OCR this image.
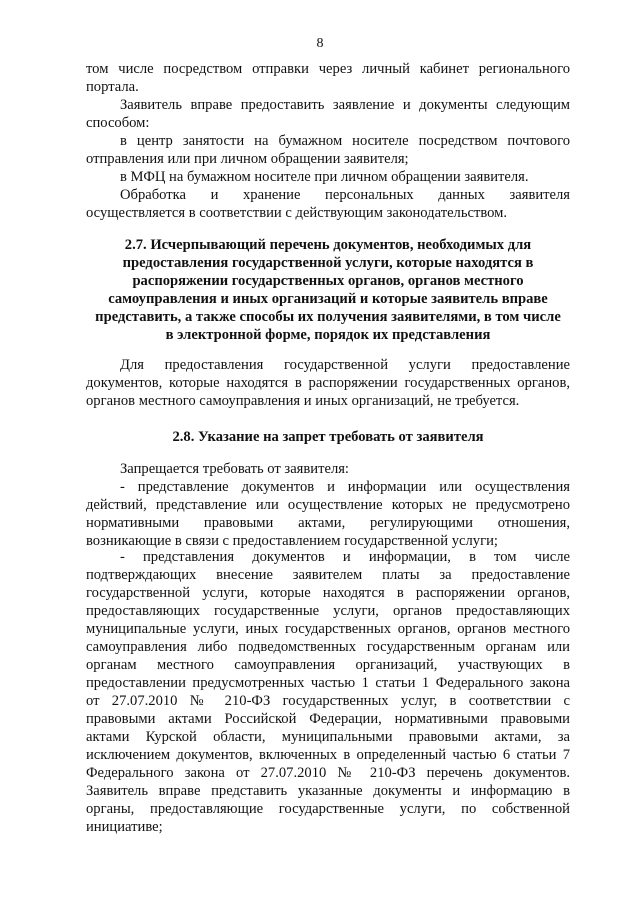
8
том числе посредством отправки через личный кабинет регионального
портала.
Заявитель вправе предоставить заявление и документы следующим
способом:
в центр занятости на бумажном носителе посредством почтового
отправления или при личном обращении заявителя;
в МФЦ на бумажном носителе при личном обращении заявителя.
Обработка и хранение персональных данных заявителя
осуществляется в соответствии с действующим законодательством.
2.7. Исчерпывающий перечень документов, необходимых для
предоставления государственной услуги, которые находятся в
распоряжении государственных органов, органов местного
самоуправления и иных организаций и которые заявитель вправе
представить, а также способы их получения заявителями, в том числе
в электронной форме, порядок их представления
Для предоставления государственной услуги предоставление
документов, которые находятся в распоряжении государственных органов,
органов местного самоуправления и иных организаций, не требуется.
2.8. Указание на запрет требовать от заявителя
Запрещается требовать от заявителя:
- представление документов и информации или осуществления
действий, представление или осуществление которых не предусмотрено
нормативными правовыми актами, регулирующими отношения,
возникающие в связи с предоставлением государственной услуги;
- представления документов и информации, в том числе
подтверждающих внесение заявителем платы за предоставление
государственной услуги, которые находятся в распоряжении органов,
предоставляющих государственные услуги, органов предоставляющих
муниципальные услуги, иных государственных органов, органов местного
самоуправления либо подведомственных государственным органам или
органам местного самоуправления организаций, участвующих в
предоставлении предусмотренных частью 1 статьи 1 Федерального закона
от 27.07.2010 № 210-ФЗ государственных услуг, в соответствии с
правовыми актами Российской Федерации, нормативными правовыми
актами Курской области, муниципальными правовыми актами, за
исключением документов, включенных в определенный частью 6 статьи 7
Федерального закона от 27.07.2010 № 210-ФЗ перечень документов.
Заявитель вправе представить указанные документы и информацию в
органы, предоставляющие государственные услуги, по собственной
инициативе;
